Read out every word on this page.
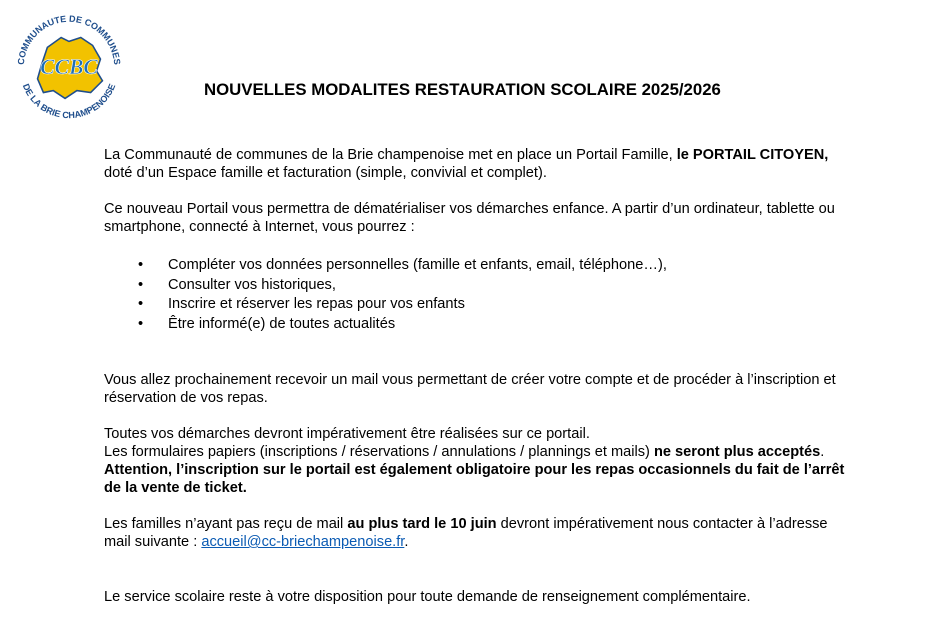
COMMUNAUTE DE COMMUNES
DE LA BRIE CHAMPENOISE
CCBC
NOUVELLES MODALITES RESTAURATION SCOLAIRE 2025/2026

La Communauté de communes de la Brie champenoise met en place un Portail Famille, le PORTAIL CITOYEN,
doté d’un Espace famille et facturation (simple, convivial et complet).

Ce nouveau Portail vous permettra de dématérialiser vos démarches enfance. A partir d’un ordinateur, tablette ou
smartphone, connecté à Internet, vous pourrez :

• Compléter vos données personnelles (famille et enfants, email, téléphone…),
• Consulter vos historiques,
• Inscrire et réserver les repas pour vos enfants
• Être informé(e) de toutes actualités

Vous allez prochainement recevoir un mail vous permettant de créer votre compte et de procéder à l’inscription et
réservation de vos repas.

Toutes vos démarches devront impérativement être réalisées sur ce portail.
Les formulaires papiers (inscriptions / réservations / annulations / plannings et mails) ne seront plus acceptés.
Attention, l’inscription sur le portail est également obligatoire pour les repas occasionnels du fait de l’arrêt
de la vente de ticket.

Les familles n’ayant pas reçu de mail au plus tard le 10 juin devront impérativement nous contacter à l’adresse
mail suivante : accueil@cc-briechampenoise.fr.

Le service scolaire reste à votre disposition pour toute demande de renseignement complémentaire.
